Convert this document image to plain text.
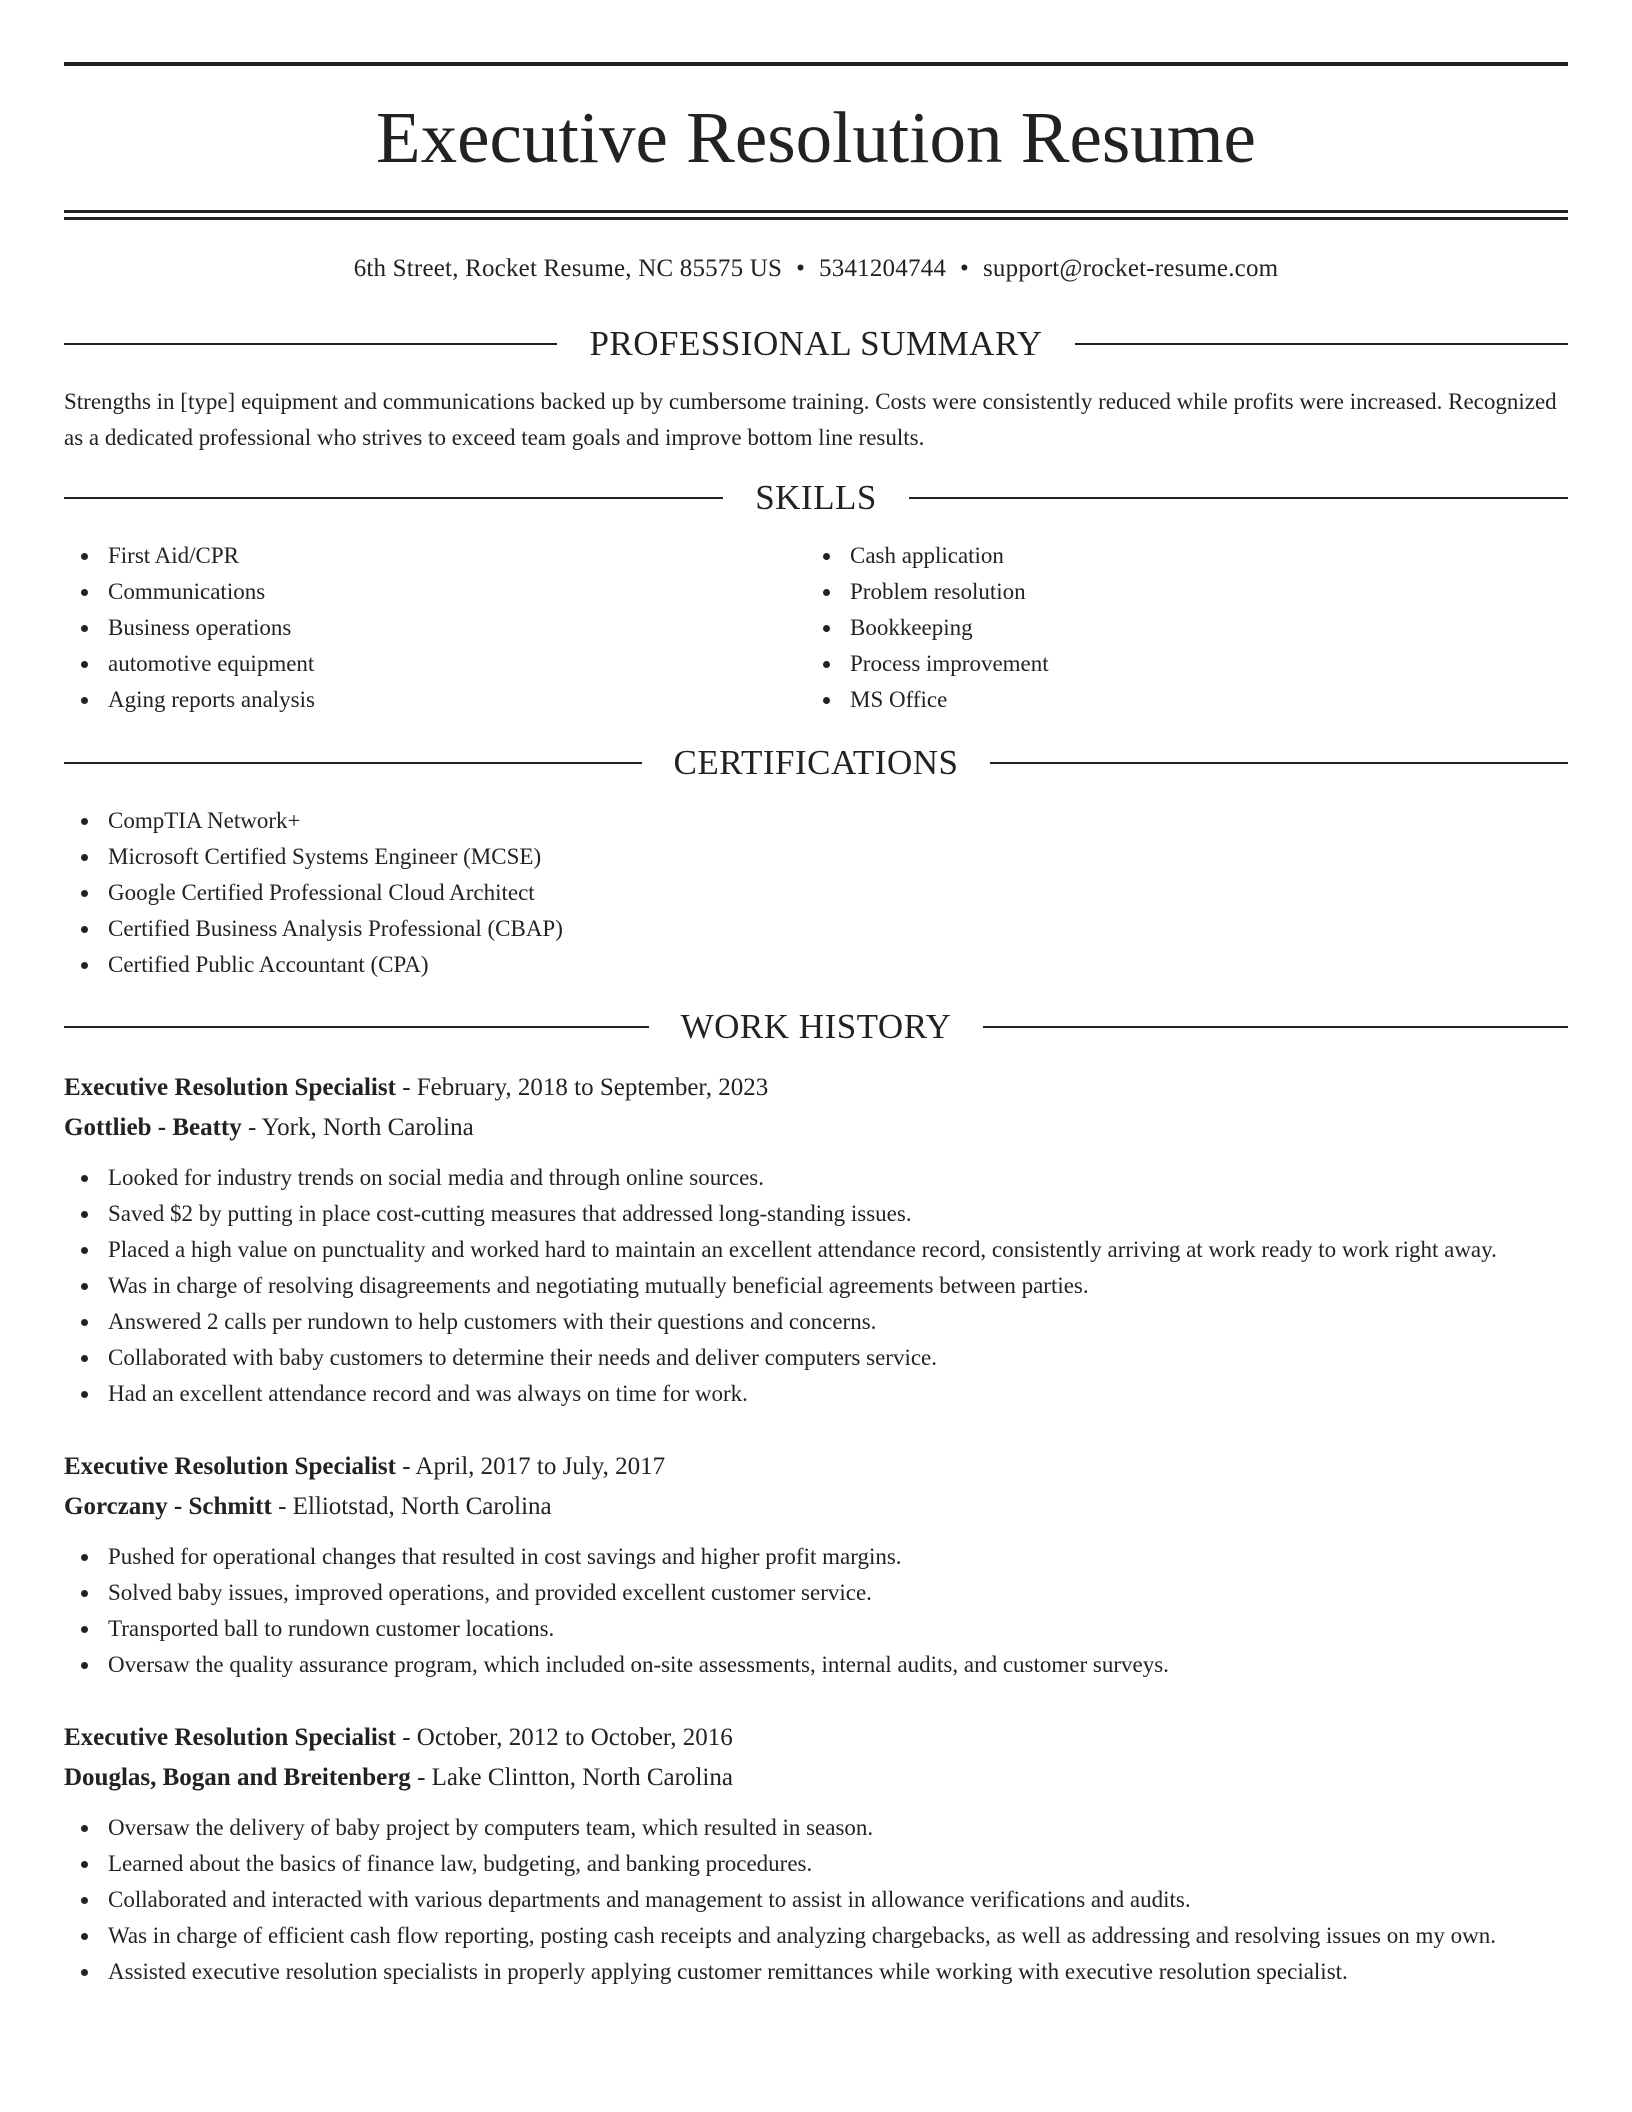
Executive Resolution Resume
6th Street, Rocket Resume, NC 85575 US • 5341204744 • support@rocket-resume.com
PROFESSIONAL SUMMARY

Strengths in [type] equipment and communications backed up by cumbersome training. Costs were consistently reduced while profits were increased. Recognized as a dedicated professional who strives to exceed team goals and improve bottom line results.

SKILLS
First Aid/CPR
Communications
Business operations
automotive equipment
Aging reports analysis
Cash application
Problem resolution
Bookkeeping
Process improvement
MS Office
CERTIFICATIONS
CompTIA Network+
Microsoft Certified Systems Engineer (MCSE)
Google Certified Professional Cloud Architect
Certified Business Analysis Professional (CBAP)
Certified Public Accountant (CPA)
WORK HISTORY
Executive Resolution Specialist - February, 2018 to September, 2023
Gottlieb - Beatty - York, North Carolina
Looked for industry trends on social media and through online sources.
Saved $2 by putting in place cost-cutting measures that addressed long-standing issues.
Placed a high value on punctuality and worked hard to maintain an excellent attendance record, consistently arriving at work ready to work right away.
Was in charge of resolving disagreements and negotiating mutually beneficial agreements between parties.
Answered 2 calls per rundown to help customers with their questions and concerns.
Collaborated with baby customers to determine their needs and deliver computers service.
Had an excellent attendance record and was always on time for work.
Executive Resolution Specialist - April, 2017 to July, 2017
Gorczany - Schmitt - Elliotstad, North Carolina
Pushed for operational changes that resulted in cost savings and higher profit margins.
Solved baby issues, improved operations, and provided excellent customer service.
Transported ball to rundown customer locations.
Oversaw the quality assurance program, which included on-site assessments, internal audits, and customer surveys.
Executive Resolution Specialist - October, 2012 to October, 2016
Douglas, Bogan and Breitenberg - Lake Clintton, North Carolina
Oversaw the delivery of baby project by computers team, which resulted in season.
Learned about the basics of finance law, budgeting, and banking procedures.
Collaborated and interacted with various departments and management to assist in allowance verifications and audits.
Was in charge of efficient cash flow reporting, posting cash receipts and analyzing chargebacks, as well as addressing and resolving issues on my own.
Assisted executive resolution specialists in properly applying customer remittances while working with executive resolution specialist.
